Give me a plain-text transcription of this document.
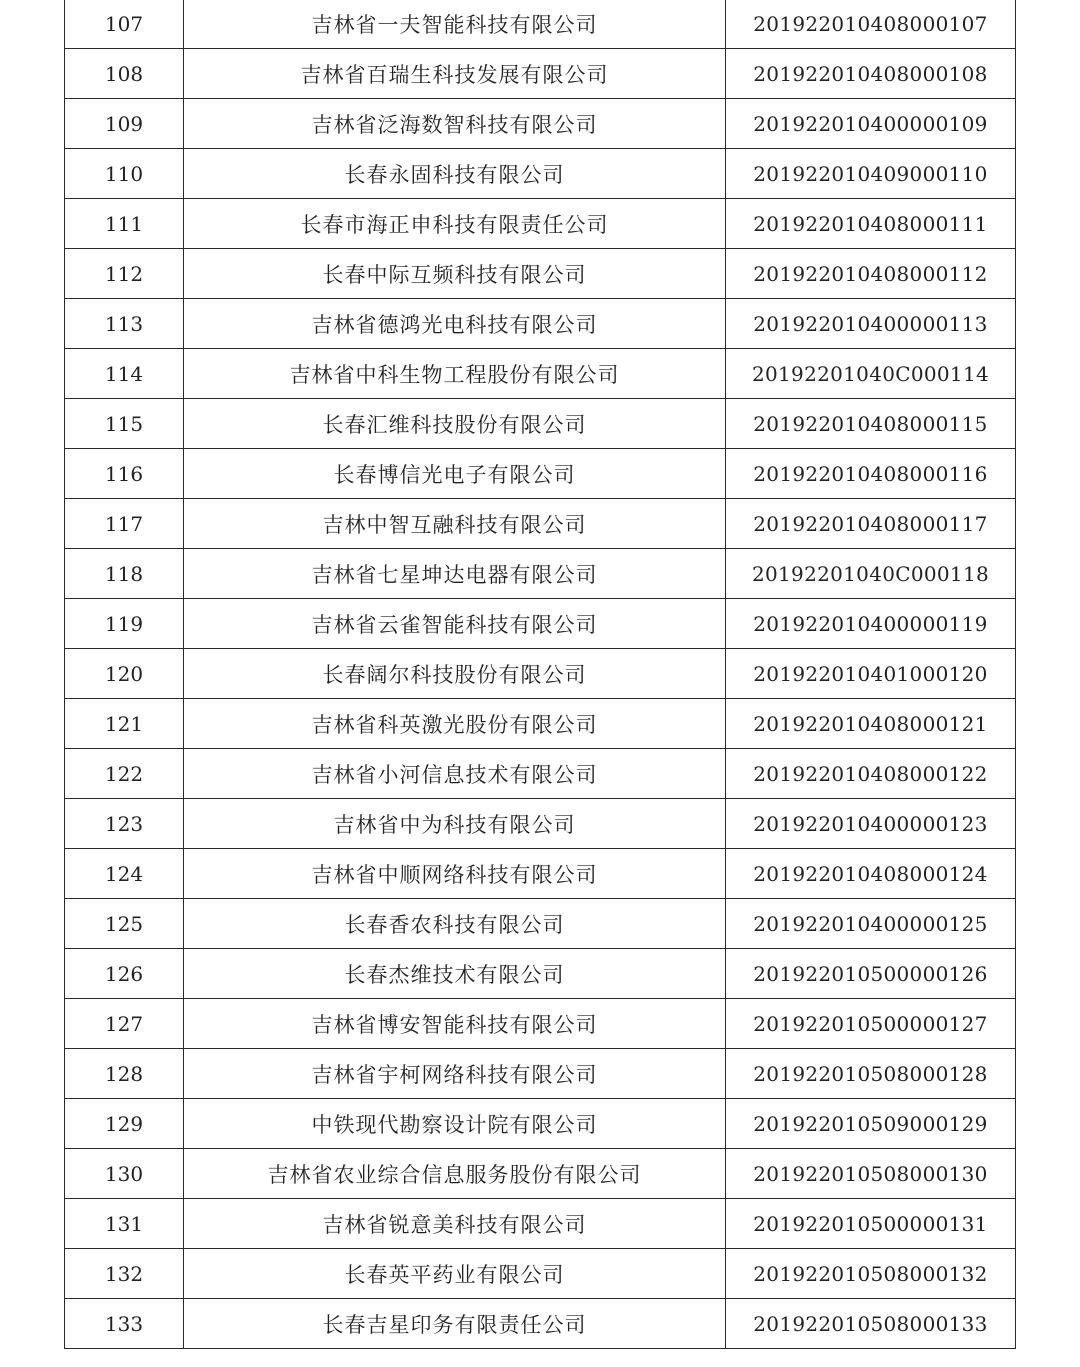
107	吉林省一夫智能科技有限公司	201922010408000107
108	吉林省百瑞生科技发展有限公司	201922010408000108
109	吉林省泛海数智科技有限公司	201922010400000109
110	长春永固科技有限公司	201922010409000110
111	长春市海正申科技有限责任公司	201922010408000111
112	长春中际互频科技有限公司	201922010408000112
113	吉林省德鸿光电科技有限公司	201922010400000113
114	吉林省中科生物工程股份有限公司	20192201040C000114
115	长春汇维科技股份有限公司	201922010408000115
116	长春博信光电子有限公司	201922010408000116
117	吉林中智互融科技有限公司	201922010408000117
118	吉林省七星坤达电器有限公司	20192201040C000118
119	吉林省云雀智能科技有限公司	201922010400000119
120	长春阔尔科技股份有限公司	201922010401000120
121	吉林省科英激光股份有限公司	201922010408000121
122	吉林省小河信息技术有限公司	201922010408000122
123	吉林省中为科技有限公司	201922010400000123
124	吉林省中顺网络科技有限公司	201922010408000124
125	长春香农科技有限公司	201922010400000125
126	长春杰维技术有限公司	201922010500000126
127	吉林省博安智能科技有限公司	201922010500000127
128	吉林省宇柯网络科技有限公司	201922010508000128
129	中铁现代勘察设计院有限公司	201922010509000129
130	吉林省农业综合信息服务股份有限公司	201922010508000130
131	吉林省锐意美科技有限公司	201922010500000131
132	长春英平药业有限公司	201922010508000132
133	长春吉星印务有限责任公司	201922010508000133
